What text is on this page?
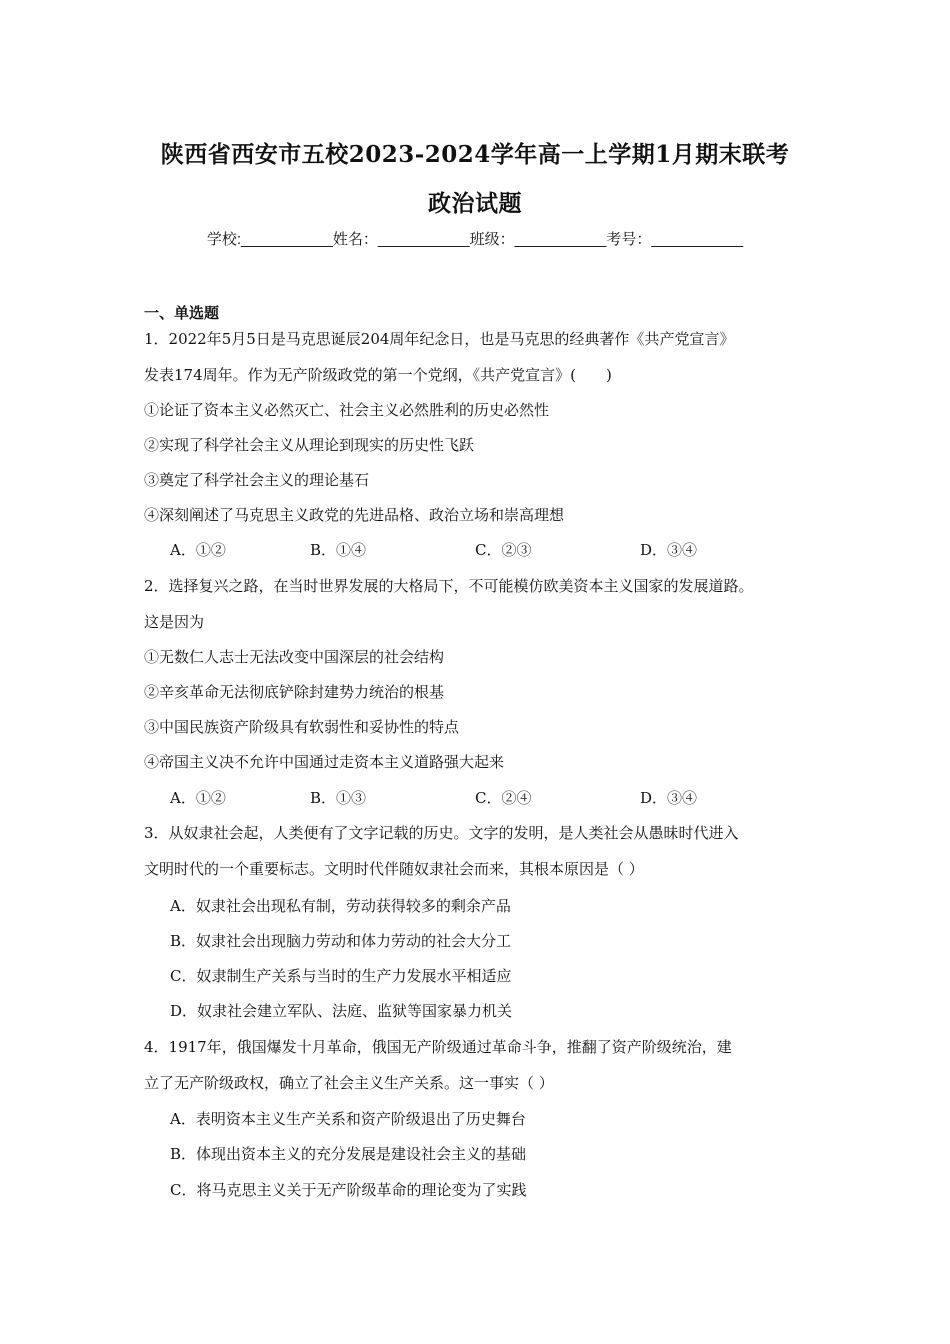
陕西省西安市五校2023-2024学年高一上学期1月期末联考
政治试题
学校:___________姓名：___________班级：___________考号：___________
一、单选题
1．2022年5月5日是马克思诞辰204周年纪念日，也是马克思的经典著作《共产党宣言》
发表174周年。作为无产阶级政党的第一个党纲，《共产党宣言》(　　)
①论证了资本主义必然灭亡、社会主义必然胜利的历史必然性
②实现了科学社会主义从理论到现实的历史性飞跃
③奠定了科学社会主义的理论基石
④深刻阐述了马克思主义政党的先进品格、政治立场和崇高理想
A．①②	B．①④	C．②③	D．③④
2．选择复兴之路，在当时世界发展的大格局下，不可能模仿欧美资本主义国家的发展道路。
这是因为
①无数仁人志士无法改变中国深层的社会结构
②辛亥革命无法彻底铲除封建势力统治的根基
③中国民族资产阶级具有软弱性和妥协性的特点
④帝国主义决不允许中国通过走资本主义道路强大起来
A．①②	B．①③	C．②④	D．③④
3．从奴隶社会起，人类便有了文字记载的历史。文字的发明，是人类社会从愚昧时代进入
文明时代的一个重要标志。文明时代伴随奴隶社会而来，其根本原因是（ ）
A．奴隶社会出现私有制，劳动获得较多的剩余产品
B．奴隶社会出现脑力劳动和体力劳动的社会大分工
C．奴隶制生产关系与当时的生产力发展水平相适应
D．奴隶社会建立军队、法庭、监狱等国家暴力机关
4．1917年，俄国爆发十月革命，俄国无产阶级通过革命斗争，推翻了资产阶级统治，建
立了无产阶级政权，确立了社会主义生产关系。这一事实（ ）
A．表明资本主义生产关系和资产阶级退出了历史舞台
B．体现出资本主义的充分发展是建设社会主义的基础
C．将马克思主义关于无产阶级革命的理论变为了实践
